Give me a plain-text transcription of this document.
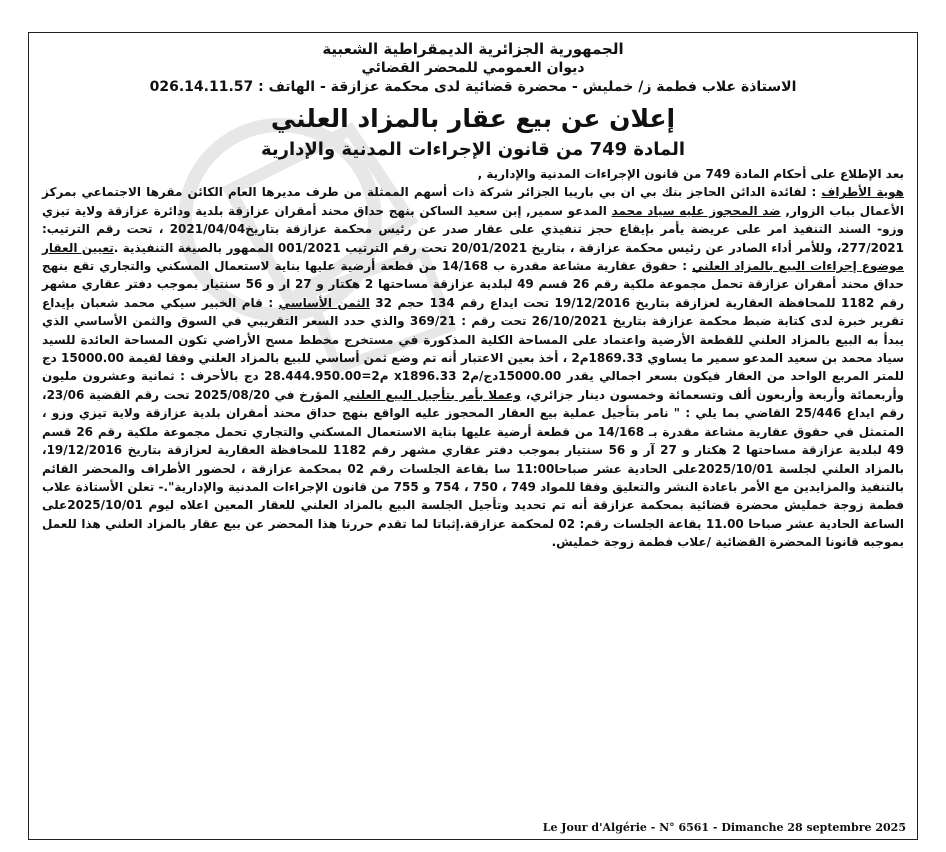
الجمهورية الجزائرية الديمقراطية الشعبية

ديوان العمومي للمحضر القضائي

الاستاذة علاب فطمة ز/ خمليش - محضرة قضائية لدى محكمة عزازقة - الهاتف : 026.14.11.57

إعلان عن بيع عقار بالمزاد العلني

المادة 749 من قانون الإجراءات المدنية والإدارية

بعد الإطلاع على أحكام المادة 749 من قانون الإجراءات المدنية والإدارية ,
هوية الأطراف : لفائدة الدائن الحاجز بنك بي ان بي باريبا الجزائر شركة ذات أسهم الممثلة من طرف مديرها العام الكائن مقرها الاجتماعي بمركز الأعمال بباب الزوار, ضد المحجوز عليه سياد محمد المدعو سمير, إبن سعيد الساكن بنهج حداق محند أمقران عزازقة بلدية ودائرة عزازقة ولاية تيزي وزو- السند التنفيذ امر على عريضة يأمر بإيقاع حجز تنفيذي على عقار صدر عن رئيس محكمة عزازقة بتاريخ2021/04/04 ، تحت رقم الترتيب: 277/2021، وللأمر أداء الصادر عن رئيس محكمة عزازقة ، بتاريخ 20/01/2021 تحت رقم الترتيب 001/2021 الممهور بالصيغة التنفيذية .تعيين العقار موضوع إجراءات البيع بالمزاد العلني : حقوق عقارية مشاعة مقدرة ب 14/168 من قطعة أرضية عليها بناية لاستعمال المسكني والتجاري تقع بنهج حداق محند أمقران عزازقة تحمل مجموعة ملكية رقم 26 قسم 49 لبلدية عزازقة مساحتها 2 هكتار و 27 ار و 56 سنتيار بموجب دفتر عقاري مشهر رقم 1182 للمحافظة العقارية لعزازقة بتاريخ 19/12/2016 تحت ايداع رقم 134 حجم 32 الثمن الأساسي : قام الخبير سيكي محمد شعبان بإيداع تقرير خبرة لدى كتابة ضبط محكمة عزازقة بتاريخ 26/10/2021 تحت رقم : 369/21 والذي حدد السعر التقريبي في السوق والثمن الأساسي الذي يبدأ به البيع بالمزاد العلني للقطعة الأرضية واعتماد على المساحة الكلية المذكورة في مستخرج مخطط مسح الأراضي تكون المساحة العائدة للسيد سياد محمد بن سعيد المدعو سمير ما يساوي 1869.33م2 ، أخذ بعين الاعتبار أنه تم وضع ثمن أساسي للبيع بالمزاد العلني وفقا لقيمة 15000.00 دج للمتر المربع الواحد من العقار فيكون بسعر اجمالي يقدر 15000.00دج/م2 x1896.33 م2=28.444.950.00 دج بالأحرف : ثمانية وعشرون مليون وأربعمائة وأربعة وأربعون ألف وتسعمائة وخمسون دينار جزائري، وعملا بأمر بتأجيل البيع العلني المؤرخ في 2025/08/20 تحت رقم القضية 23/06، رقم ايداع 25/446 القاضي بما يلي : " نامر بتأجيل عملية بيع العقار المحجوز عليه الواقع بنهج حداق محند أمقران بلدية عزازقة ولاية تيزي وزو ، المتمثل في حقوق عقارية مشاعة مقدرة بـ 14/168 من قطعة أرضية عليها بناية الاستعمال المسكني والتجاري تحمل مجموعة ملكية رقم 26 قسم 49 لبلدية عزازقة مساحتها 2 هكتار و 27 آر و 56 سنتيار بموجب دفتر عقاري مشهر رقم 1182 للمحافظة العقارية لعزازقة بتاريخ 19/12/2016، بالمزاد العلني لجلسة 2025/10/01على الحادية عشر صباحا11:00 سا بقاعة الجلسات رقم 02 بمحكمة عزازقة ، لحضور الأطراف والمحضر القائم بالتنفيذ والمزايدين مع الأمر باعادة النشر والتعليق وفقا للمواد 749 ، 750 ، 754 و 755 من قانون الإجراءات المدنية والإدارية".- تعلن الأستاذة علاب فطمة زوجة خمليش محضرة قضائية بمحكمة عزازقة أنه تم تحديد وتأجيل الجلسة البيع بالمزاد العلني للعقار المعين اعلاه ليوم 2025/10/01على الساعة الحادية عشر صباحا 11.00 بقاعة الجلسات رقم: 02 لمحكمة عزازقة.إثباتا لما تقدم حررنا هذا المحضر عن بيع عقار بالمزاد العلني هذا للعمل بموجبه قانونا المحضرة القضائية /علاب فطمة زوجة خمليش.

Le Jour d'Algérie - N° 6561 - Dimanche 28 septembre 2025
